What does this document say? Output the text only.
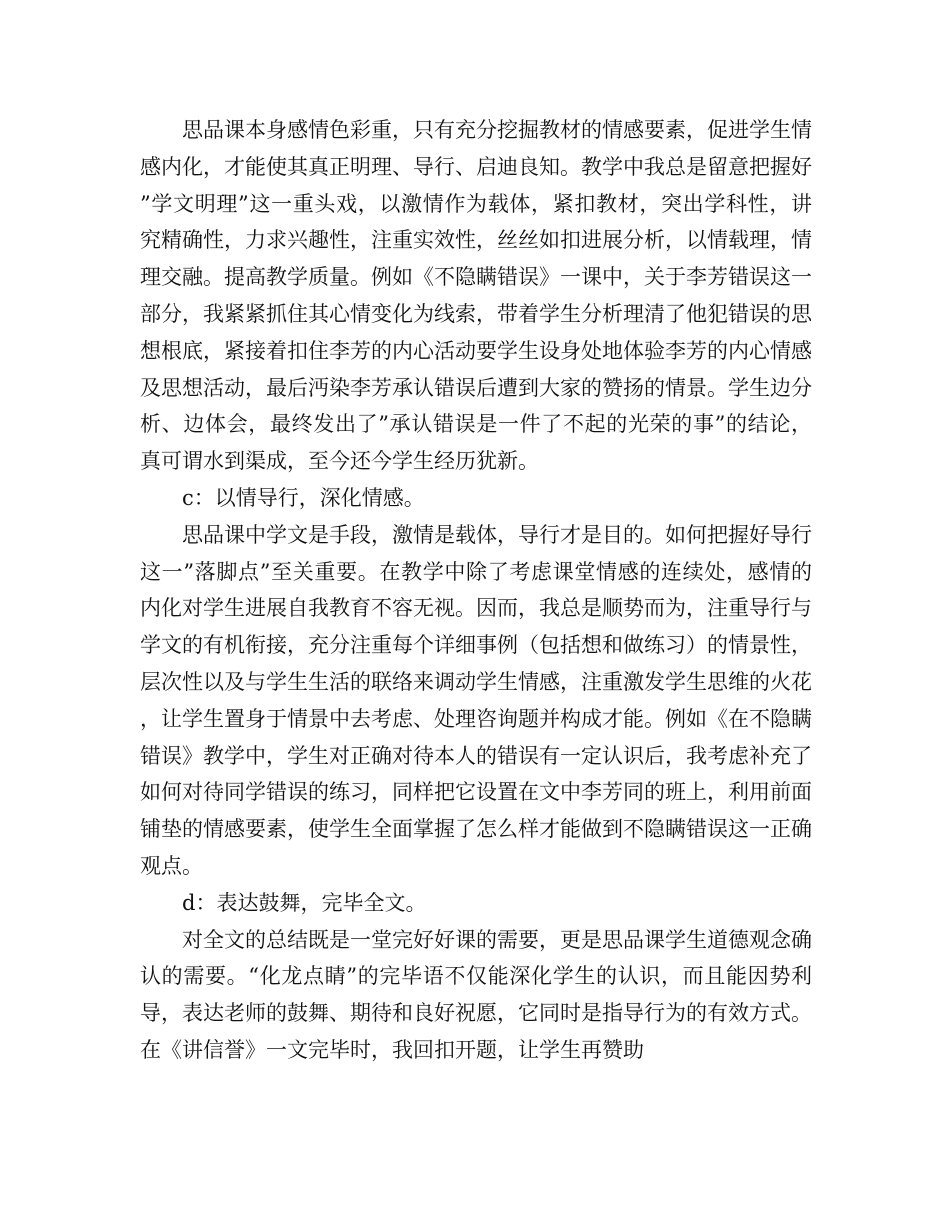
思品课本身感情色彩重，只有充分挖掘教材的情感要素，促进学生情感内化，才能使其真正明理、导行、启迪良知。教学中我总是留意把握好”学文明理”这一重头戏，以激情作为载体，紧扣教材，突出学科性，讲究精确性，力求兴趣性，注重实效性，丝丝如扣进展分析，以情载理，情理交融。提高教学质量。例如《不隐瞒错误》一课中，关于李芳错误这一部分，我紧紧抓住其心情变化为线索，带着学生分析理清了他犯错误的思想根底，紧接着扣住李芳的内心活动要学生设身处地体验李芳的内心情感及思想活动，最后沔染李芳承认错误后遭到大家的赞扬的情景。学生边分析、边体会，最终发出了”承认错误是一件了不起的光荣的事”的结论，真可谓水到渠成，至今还今学生经历犹新。

c：以情导行，深化情感。

思品课中学文是手段，激情是载体，导行才是目的。如何把握好导行这一”落脚点”至关重要。在教学中除了考虑课堂情感的连续处，感情的内化对学生进展自我教育不容无视。因而，我总是顺势而为，注重导行与学文的有机衔接，充分注重每个详细事例（包括想和做练习）的情景性，层次性以及与学生生活的联络来调动学生情感，注重激发学生思维的火花，让学生置身于情景中去考虑、处理咨询题并构成才能。例如《在不隐瞒错误》教学中，学生对正确对待本人的错误有一定认识后，我考虑补充了如何对待同学错误的练习，同样把它设置在文中李芳同的班上，利用前面铺垫的情感要素，使学生全面掌握了怎么样才能做到不隐瞒错误这一正确观点。

d：表达鼓舞，完毕全文。

对全文的总结既是一堂完好好课的需要，更是思品课学生道德观念确认的需要。“化龙点睛”的完毕语不仅能深化学生的认识，而且能因势利导，表达老师的鼓舞、期待和良好祝愿，它同时是指导行为的有效方式。在《讲信誉》一文完毕时，我回扣开题，让学生再赞助
